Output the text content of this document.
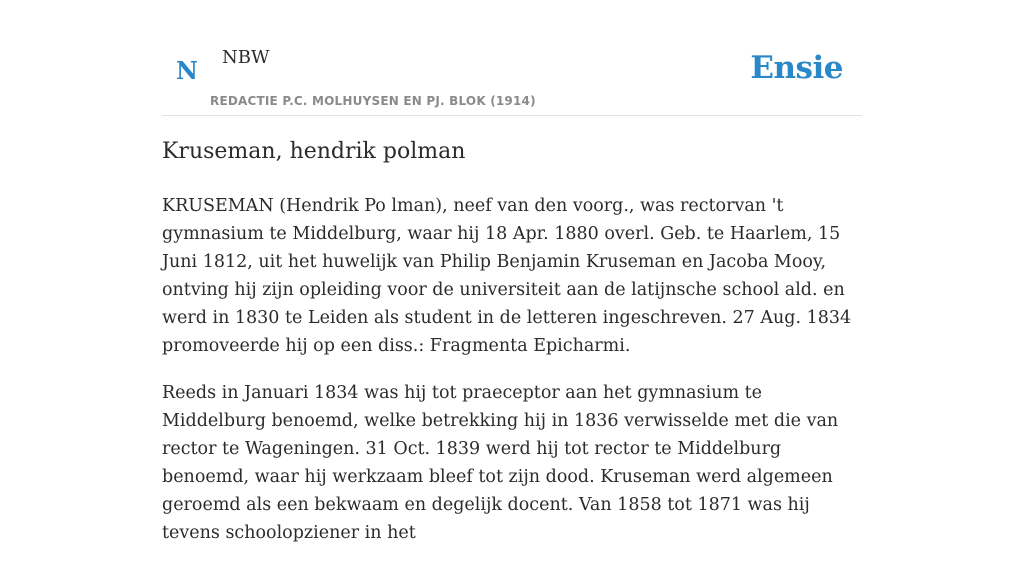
N NBW
REDACTIE P.C. MOLHUYSEN EN PJ. BLOK (1914)
Ensie
Kruseman, hendrik polman

KRUSEMAN (Hendrik Po lman), neef van den voorg., was rectorvan 't gymnasium te Middelburg, waar hij 18 Apr. 1880 overl. Geb. te Haarlem, 15 Juni 1812, uit het huwelijk van Philip Benjamin Kruseman en Jacoba Mooy, ontving hij zijn opleiding voor de universiteit aan de latijnsche school ald. en werd in 1830 te Leiden als student in de letteren ingeschreven. 27 Aug. 1834 promoveerde hij op een diss.: Fragmenta Epicharmi.

Reeds in Januari 1834 was hij tot praeceptor aan het gymnasium te Middelburg benoemd, welke betrekking hij in 1836 verwisselde met die van rector te Wageningen. 31 Oct. 1839 werd hij tot rector te Middelburg benoemd, waar hij werkzaam bleef tot zijn dood. Kruseman werd algemeen geroemd als een bekwaam en degelijk docent. Van 1858 tot 1871 was hij tevens schoolopziener in het
